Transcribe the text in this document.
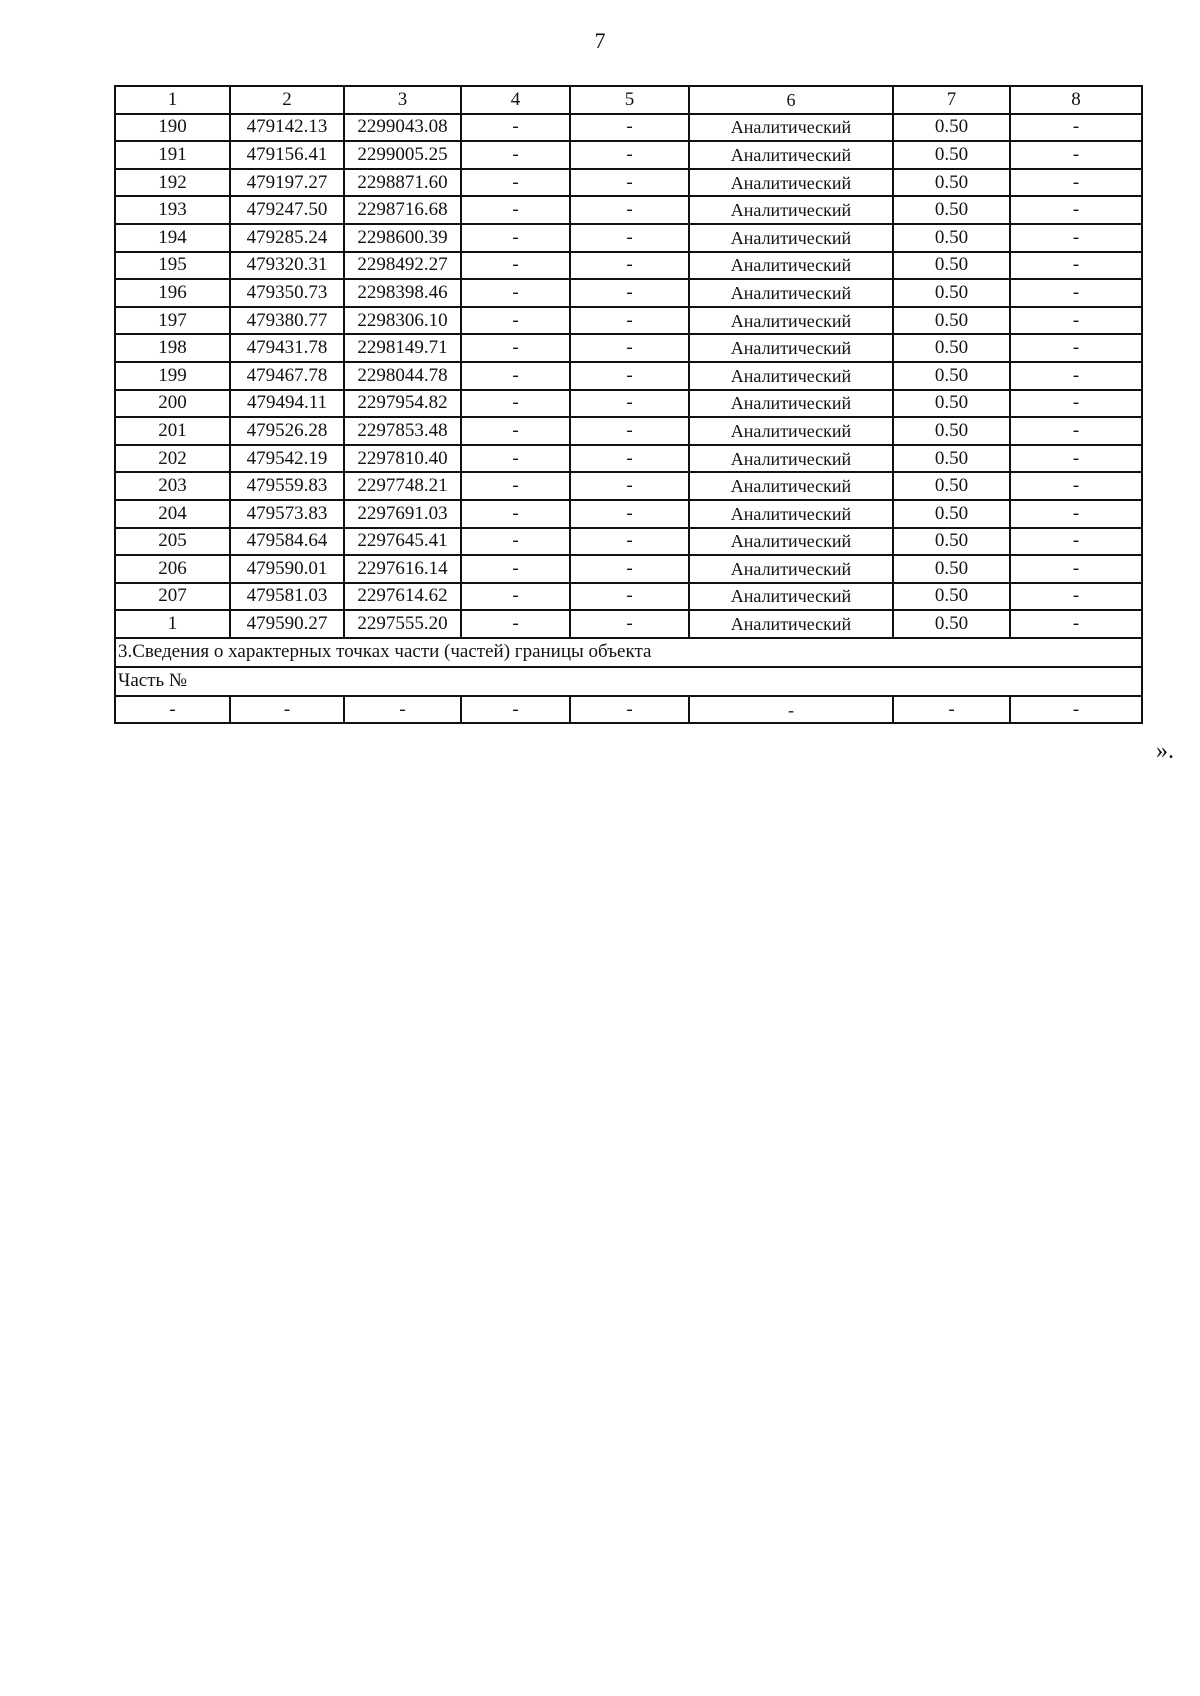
7
1	2	3	4	5	6	7	8
190	479142.13	2299043.08	-	-	Аналитический	0.50	-
191	479156.41	2299005.25	-	-	Аналитический	0.50	-
192	479197.27	2298871.60	-	-	Аналитический	0.50	-
193	479247.50	2298716.68	-	-	Аналитический	0.50	-
194	479285.24	2298600.39	-	-	Аналитический	0.50	-
195	479320.31	2298492.27	-	-	Аналитический	0.50	-
196	479350.73	2298398.46	-	-	Аналитический	0.50	-
197	479380.77	2298306.10	-	-	Аналитический	0.50	-
198	479431.78	2298149.71	-	-	Аналитический	0.50	-
199	479467.78	2298044.78	-	-	Аналитический	0.50	-
200	479494.11	2297954.82	-	-	Аналитический	0.50	-
201	479526.28	2297853.48	-	-	Аналитический	0.50	-
202	479542.19	2297810.40	-	-	Аналитический	0.50	-
203	479559.83	2297748.21	-	-	Аналитический	0.50	-
204	479573.83	2297691.03	-	-	Аналитический	0.50	-
205	479584.64	2297645.41	-	-	Аналитический	0.50	-
206	479590.01	2297616.14	-	-	Аналитический	0.50	-
207	479581.03	2297614.62	-	-	Аналитический	0.50	-
1	479590.27	2297555.20	-	-	Аналитический	0.50	-
3.Сведения о характерных точках части (частей) границы объекта							
Часть №							
-	-	-	-	-	-	-	-
».
